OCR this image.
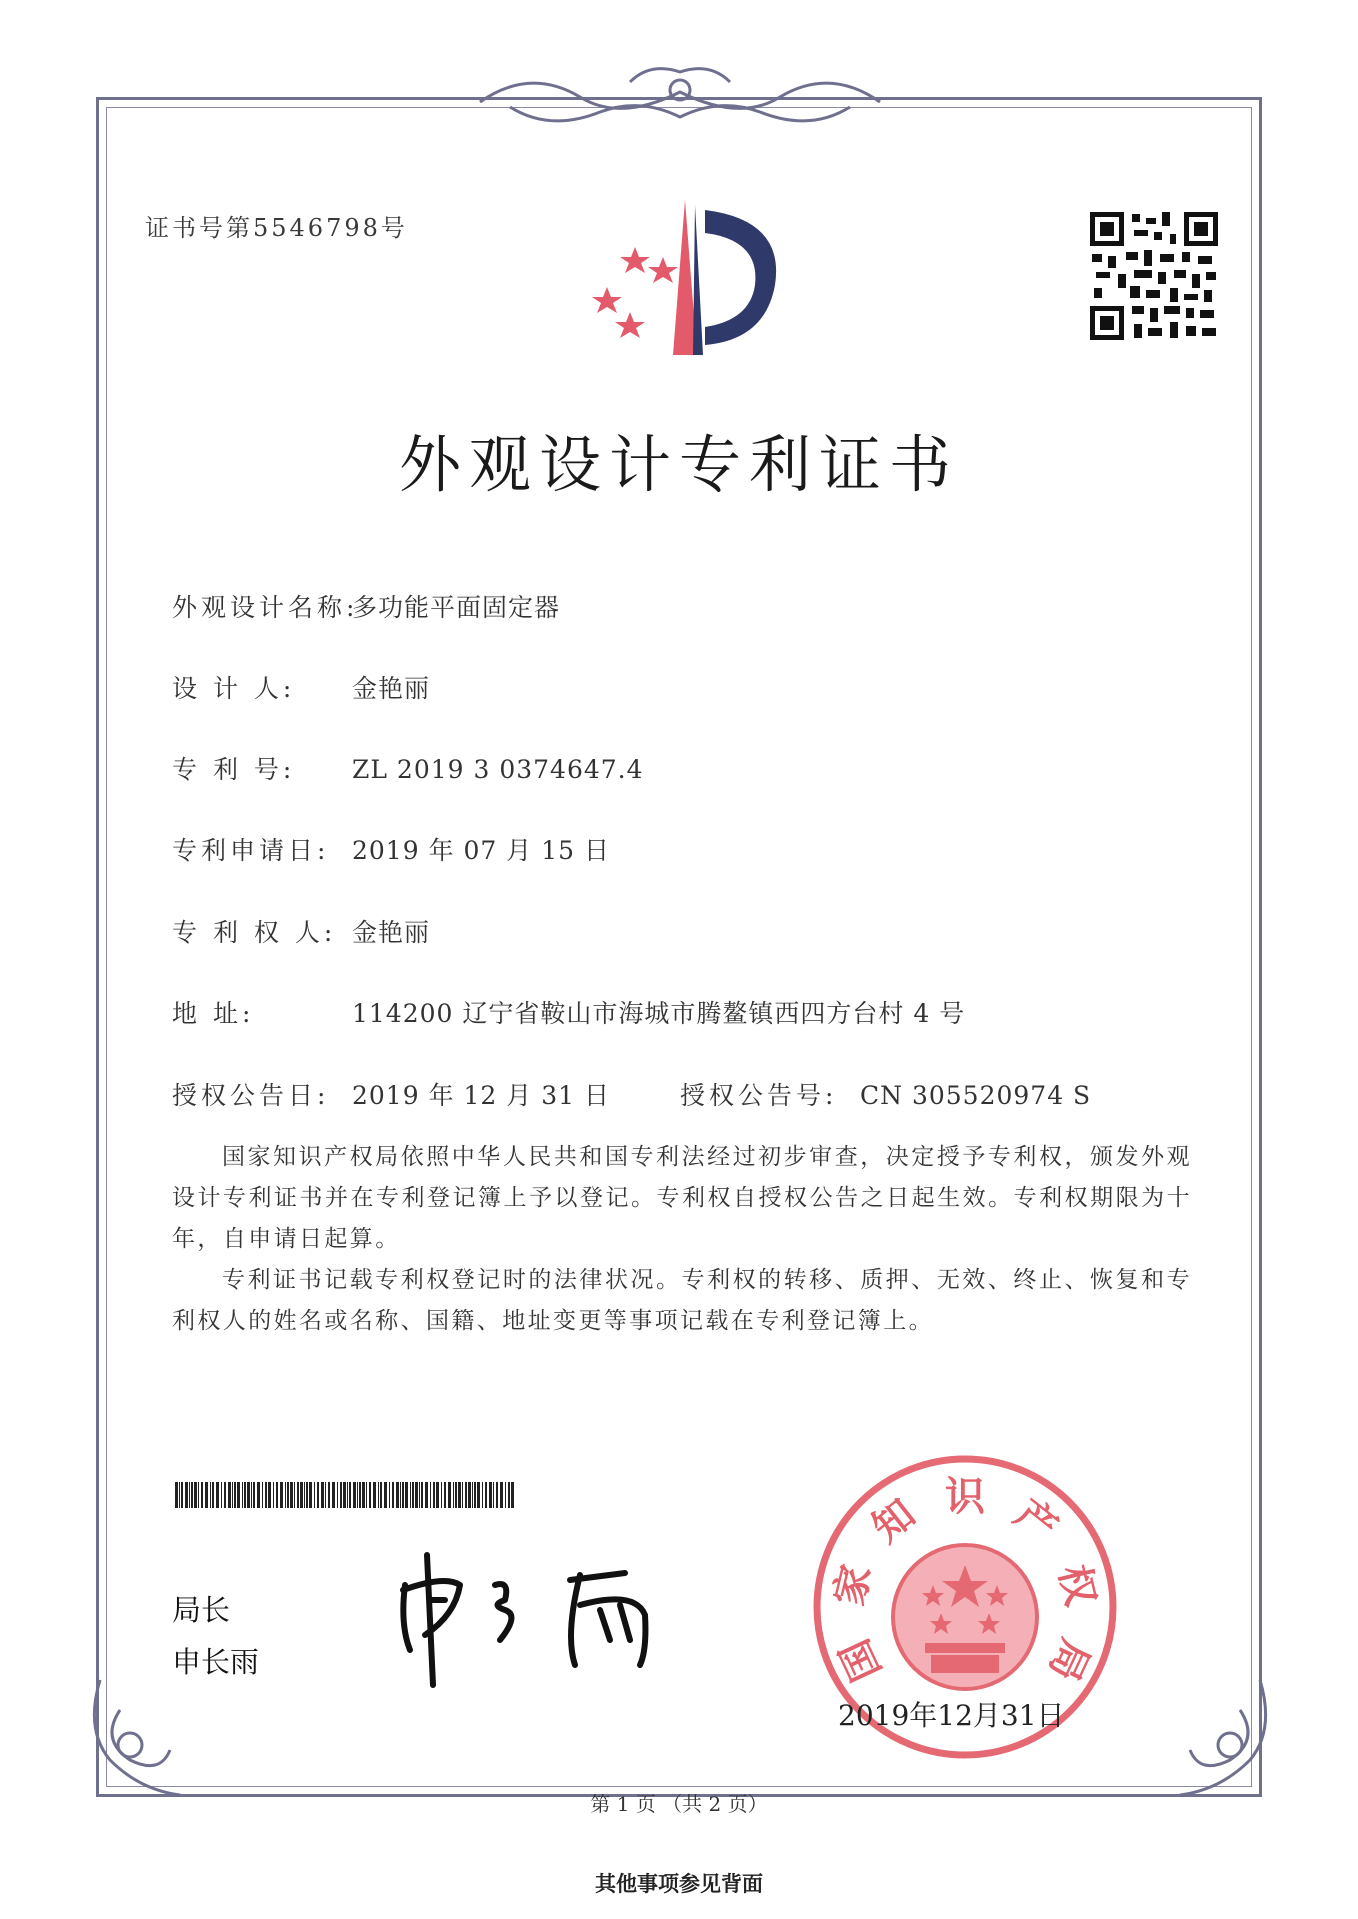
证书号第5546798号
外观设计专利证书
外观设计名称:多功能平面固定器
设 计 人: 金艳丽
专 利 号: ZL 2019 3 0374647.4
专利申请日: 2019 年 07 月 15 日
专 利 权 人: 金艳丽
地 址:	114200 辽宁省鞍山市海城市腾鳌镇西四方台村 4 号
授权公告日: 2019 年 12 月 31 日	授权公告号: CN 305520974 S

国家知识产权局依照中华人民共和国专利法经过初步审查，决定授予专利权，颁发外观设计专利证书并在专利登记簿上予以登记。专利权自授权公告之日起生效。专利权期限为十年，自申请日起算。

专利证书记载专利权登记时的法律状况。专利权的转移、质押、无效、终止、恢复和专利权人的姓名或名称、国籍、地址变更等事项记载在专利登记簿上。

局长
申长雨	国
家
知 识 产
权
局
2019年12月31日
第 1 页 （共 2 页）
其他事项参见背面
